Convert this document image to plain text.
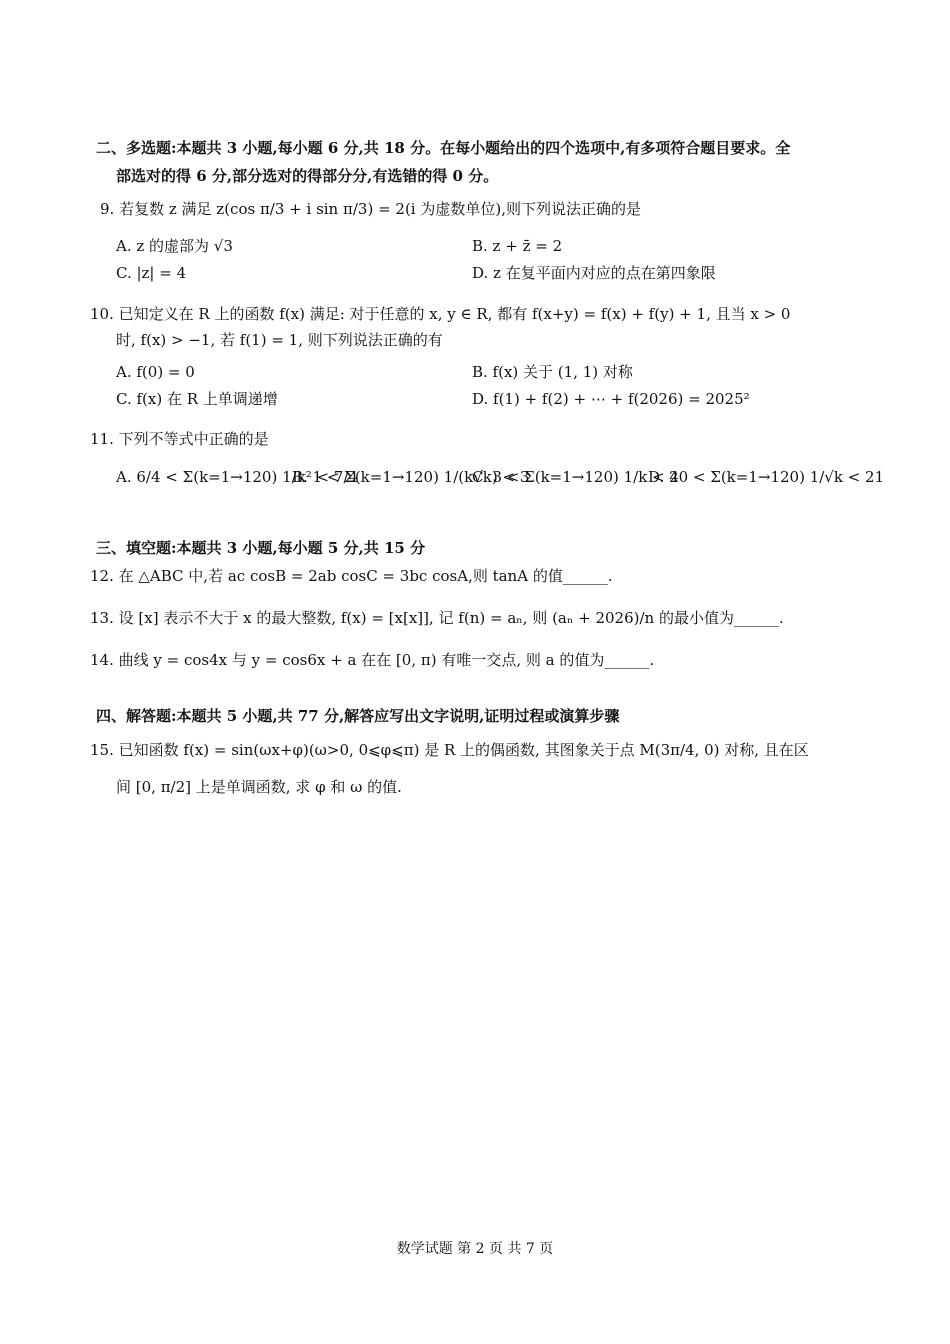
二、多选题:本题共 3 小题,每小题 6 分,共 18 分。在每小题给出的四个选项中,有多项符合题目要求。全
部选对的得 6 分,部分选对的得部分分,有选错的得 0 分。
9. 若复数 z 满足 z(cos π/3 + i sin π/3) = 2(i 为虚数单位),则下列说法正确的是
A. z 的虚部为 √3	B. z + z̄ = 2
C. |z| = 4	D. z 在复平面内对应的点在第四象限
10. 已知定义在 R 上的函数 f(x) 满足: 对于任意的 x, y ∈ R, 都有 f(x+y) = f(x) + f(y) + 1, 且当 x > 0
时, f(x) > −1, 若 f(1) = 1, 则下列说法正确的有
A. f(0) = 0	B. f(x) 关于 (1, 1) 对称
C. f(x) 在 R 上单调递增	D. f(1) + f(2) + ⋯ + f(2026) = 2025²
11. 下列不等式中正确的是
A. 6/4 < Σ(k=1→120) 1/k² < 7/4
B. 1 < Σ(k=1→120) 1/(k√k) < 3
C. 3 < Σ(k=1→120) 1/k < 4
D. 20 < Σ(k=1→120) 1/√k < 21
三、填空题:本题共 3 小题,每小题 5 分,共 15 分
12. 在 △ABC 中,若 ac cosB = 2ab cosC = 3bc cosA,则 tanA 的值______.
13. 设 [x] 表示不大于 x 的最大整数, f(x) = [x[x]], 记 f(n) = aₙ, 则 (aₙ + 2026)/n 的最小值为______.
14. 曲线 y = cos4x 与 y = cos6x + a 在在 [0, π) 有唯一交点, 则 a 的值为______.
四、解答题:本题共 5 小题,共 77 分,解答应写出文字说明,证明过程或演算步骤
15. 已知函数 f(x) = sin(ωx+φ)(ω>0, 0⩽φ⩽π) 是 R 上的偶函数, 其图象关于点 M(3π/4, 0) 对称, 且在区
间 [0, π/2] 上是单调函数, 求 φ 和 ω 的值.
数学试题 第 2 页 共 7 页
